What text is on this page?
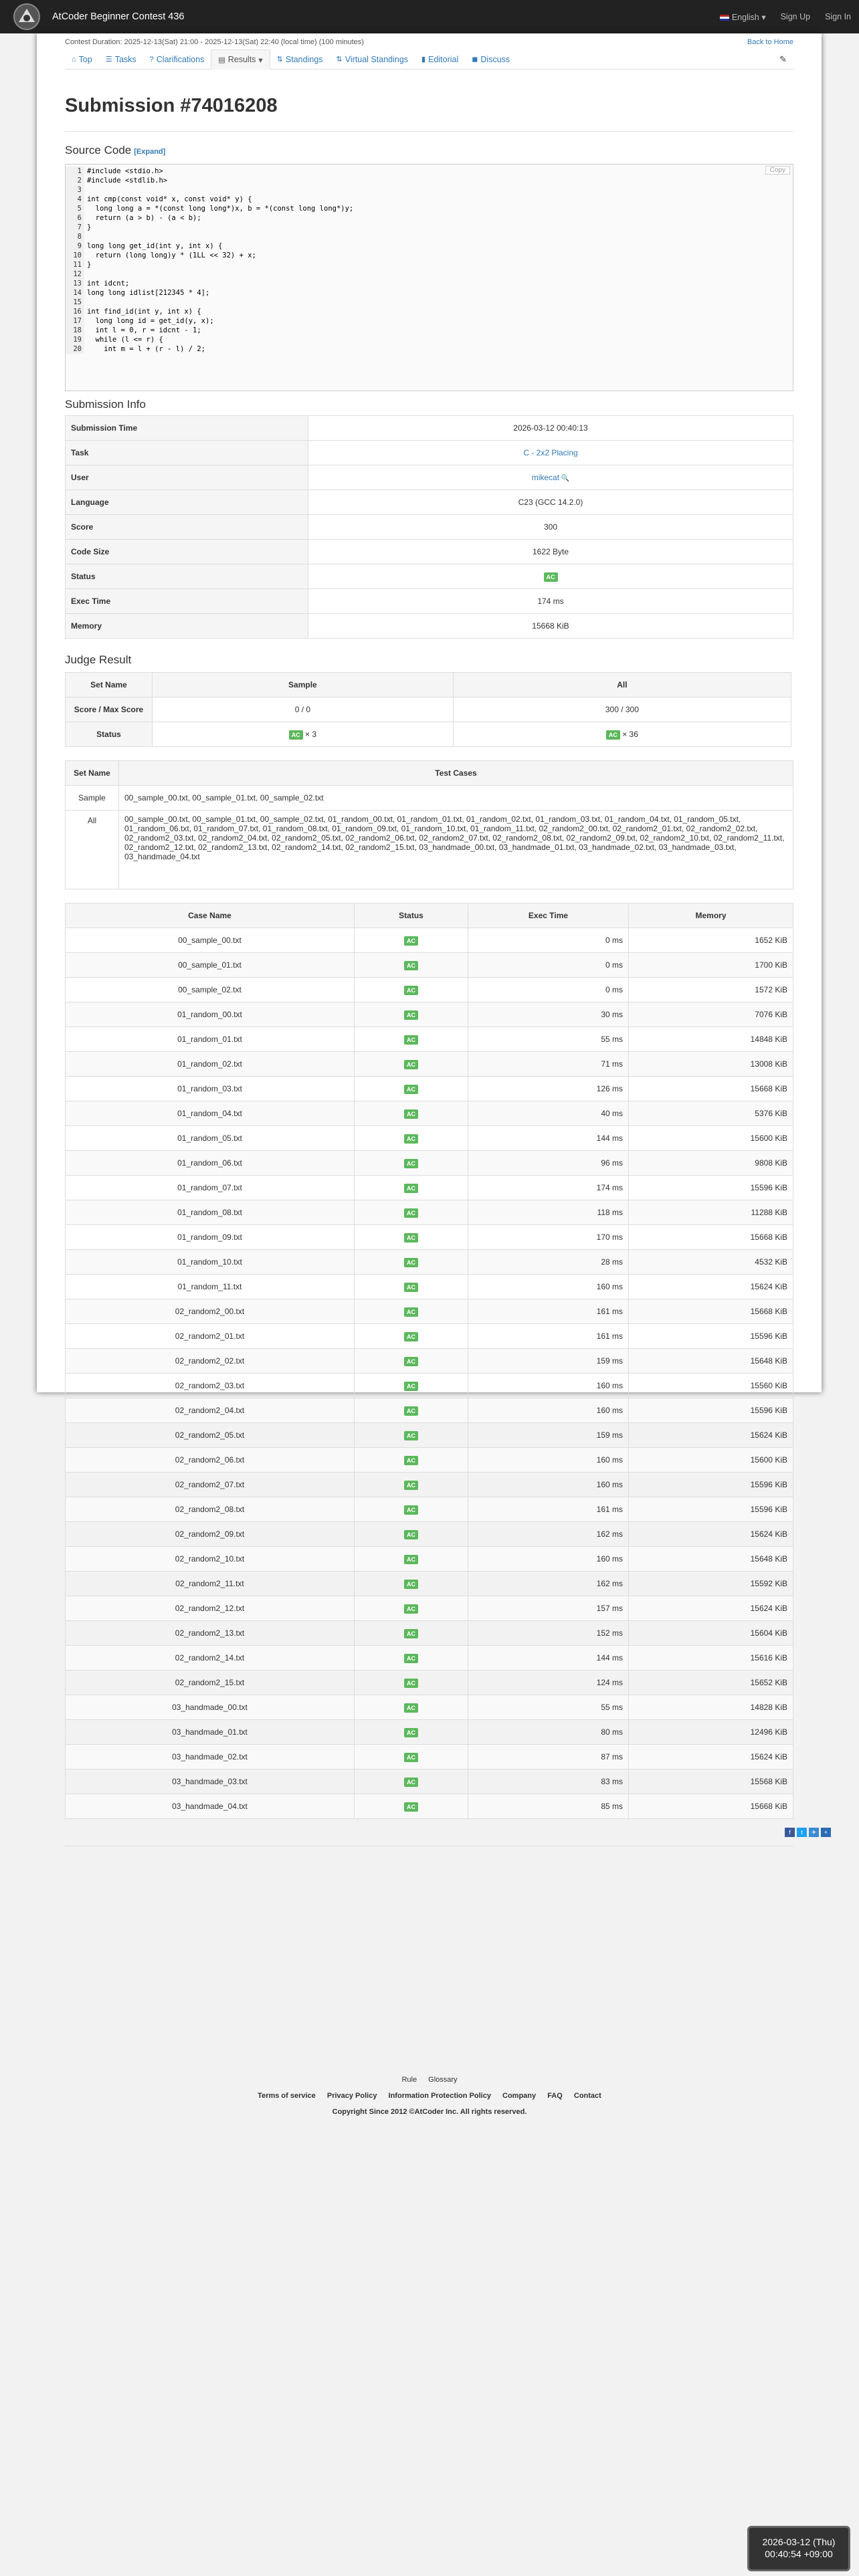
AtCoder Beginner Contest 436	English ▾ Sign Up Sign In
Contest Duration: 2025-12-13(Sat) 21:00 - 2025-12-13(Sat) 22:40 (local time) (100 minutes)	Back to Home
⌂ Top ☰ Tasks ? Clarifications ▤ Results ▾	⇅ Standings ⇅ Virtual Standings ▮ Editorial ◼ Discuss	✎
Submission #74016208
Source Code [Expand]
Copy
1 #include <stdio.h>
2 #include <stdlib.h>
3
4 int cmp(const void* x, const void* y) {
5 long long a = *(const long long*)x, b = *(const long long*)y;
6 return (a > b) - (a < b);
7 }
8
9 long long get_id(int y, int x) {
10 return (long long)y * (1LL << 32) + x;
11 }
12
13 int idcnt;
14 long long idlist[212345 * 4];
15
16 int find_id(int y, int x) {
17 long long id = get_id(y, x);
18 int l = 0, r = idcnt - 1;
19 while (l <= r) {
20 int m = l + (r - l) / 2;
Submission Info
Submission Time	2026-03-12 00:40:13
Task	C - 2x2 Placing
User	mikecat 🔍
Language	C23 (GCC 14.2.0)
Score	300
Code Size	1622 Byte
Status	AC
Exec Time	174 ms
Memory	15668 KiB
Judge Result
Set Name	Sample	All
Score / Max Score	0 / 0	300 / 300
Status	AC × 3	AC × 36
Set Name	Test Cases
Sample	00_sample_00.txt, 00_sample_01.txt, 00_sample_02.txt
All	00_sample_00.txt, 00_sample_01.txt, 00_sample_02.txt, 01_random_00.txt, 01_random_01.txt, 01_random_02.txt, 01_random_03.txt, 01_random_04.txt, 01_random_05.txt, 01_random_06.txt, 01_random_07.txt, 01_random_08.txt, 01_random_09.txt, 01_random_10.txt, 01_random_11.txt, 02_random2_00.txt, 02_random2_01.txt, 02_random2_02.txt, 02_random2_03.txt, 02_random2_04.txt, 02_random2_05.txt, 02_random2_06.txt, 02_random2_07.txt, 02_random2_08.txt, 02_random2_09.txt, 02_random2_10.txt, 02_random2_11.txt, 02_random2_12.txt, 02_random2_13.txt, 02_random2_14.txt, 02_random2_15.txt, 03_handmade_00.txt, 03_handmade_01.txt, 03_handmade_02.txt, 03_handmade_03.txt, 03_handmade_04.txt
Case Name	Status	Exec Time	Memory
00_sample_00.txt	AC	0 ms	1652 KiB
00_sample_01.txt	AC	0 ms	1700 KiB
00_sample_02.txt	AC	0 ms	1572 KiB
01_random_00.txt	AC	30 ms	7076 KiB
01_random_01.txt	AC	55 ms	14848 KiB
01_random_02.txt	AC	71 ms	13008 KiB
01_random_03.txt	AC	126 ms	15668 KiB
01_random_04.txt	AC	40 ms	5376 KiB
01_random_05.txt	AC	144 ms	15600 KiB
01_random_06.txt	AC	96 ms	9808 KiB
01_random_07.txt	AC	174 ms	15596 KiB
01_random_08.txt	AC	118 ms	11288 KiB
01_random_09.txt	AC	170 ms	15668 KiB
01_random_10.txt	AC	28 ms	4532 KiB
01_random_11.txt	AC	160 ms	15624 KiB
02_random2_00.txt	AC	161 ms	15668 KiB
02_random2_01.txt	AC	161 ms	15596 KiB
02_random2_02.txt	AC	159 ms	15648 KiB
02_random2_03.txt	AC	160 ms	15560 KiB
02_random2_04.txt	AC	160 ms	15596 KiB
02_random2_05.txt	AC	159 ms	15624 KiB
02_random2_06.txt	AC	160 ms	15600 KiB
02_random2_07.txt	AC	160 ms	15596 KiB
02_random2_08.txt	AC	161 ms	15596 KiB
02_random2_09.txt	AC	162 ms	15624 KiB
02_random2_10.txt	AC	160 ms	15648 KiB
02_random2_11.txt	AC	162 ms	15592 KiB
02_random2_12.txt	AC	157 ms	15624 KiB
02_random2_13.txt	AC	152 ms	15604 KiB
02_random2_14.txt	AC	144 ms	15616 KiB
02_random2_15.txt	AC	124 ms	15652 KiB
03_handmade_00.txt	AC	55 ms	14828 KiB
03_handmade_01.txt	AC	80 ms	12496 KiB
03_handmade_02.txt	AC	87 ms	15624 KiB
03_handmade_03.txt	AC	83 ms	15568 KiB
03_handmade_04.txt	AC	85 ms	15668 KiB
f	t	✈	+
Rule Glossary
Terms of service Privacy Policy Information Protection Policy Company FAQ Contact
Copyright Since 2012 ©AtCoder Inc. All rights reserved.
2026-03-12 (Thu)
00:40:54 +09:00
